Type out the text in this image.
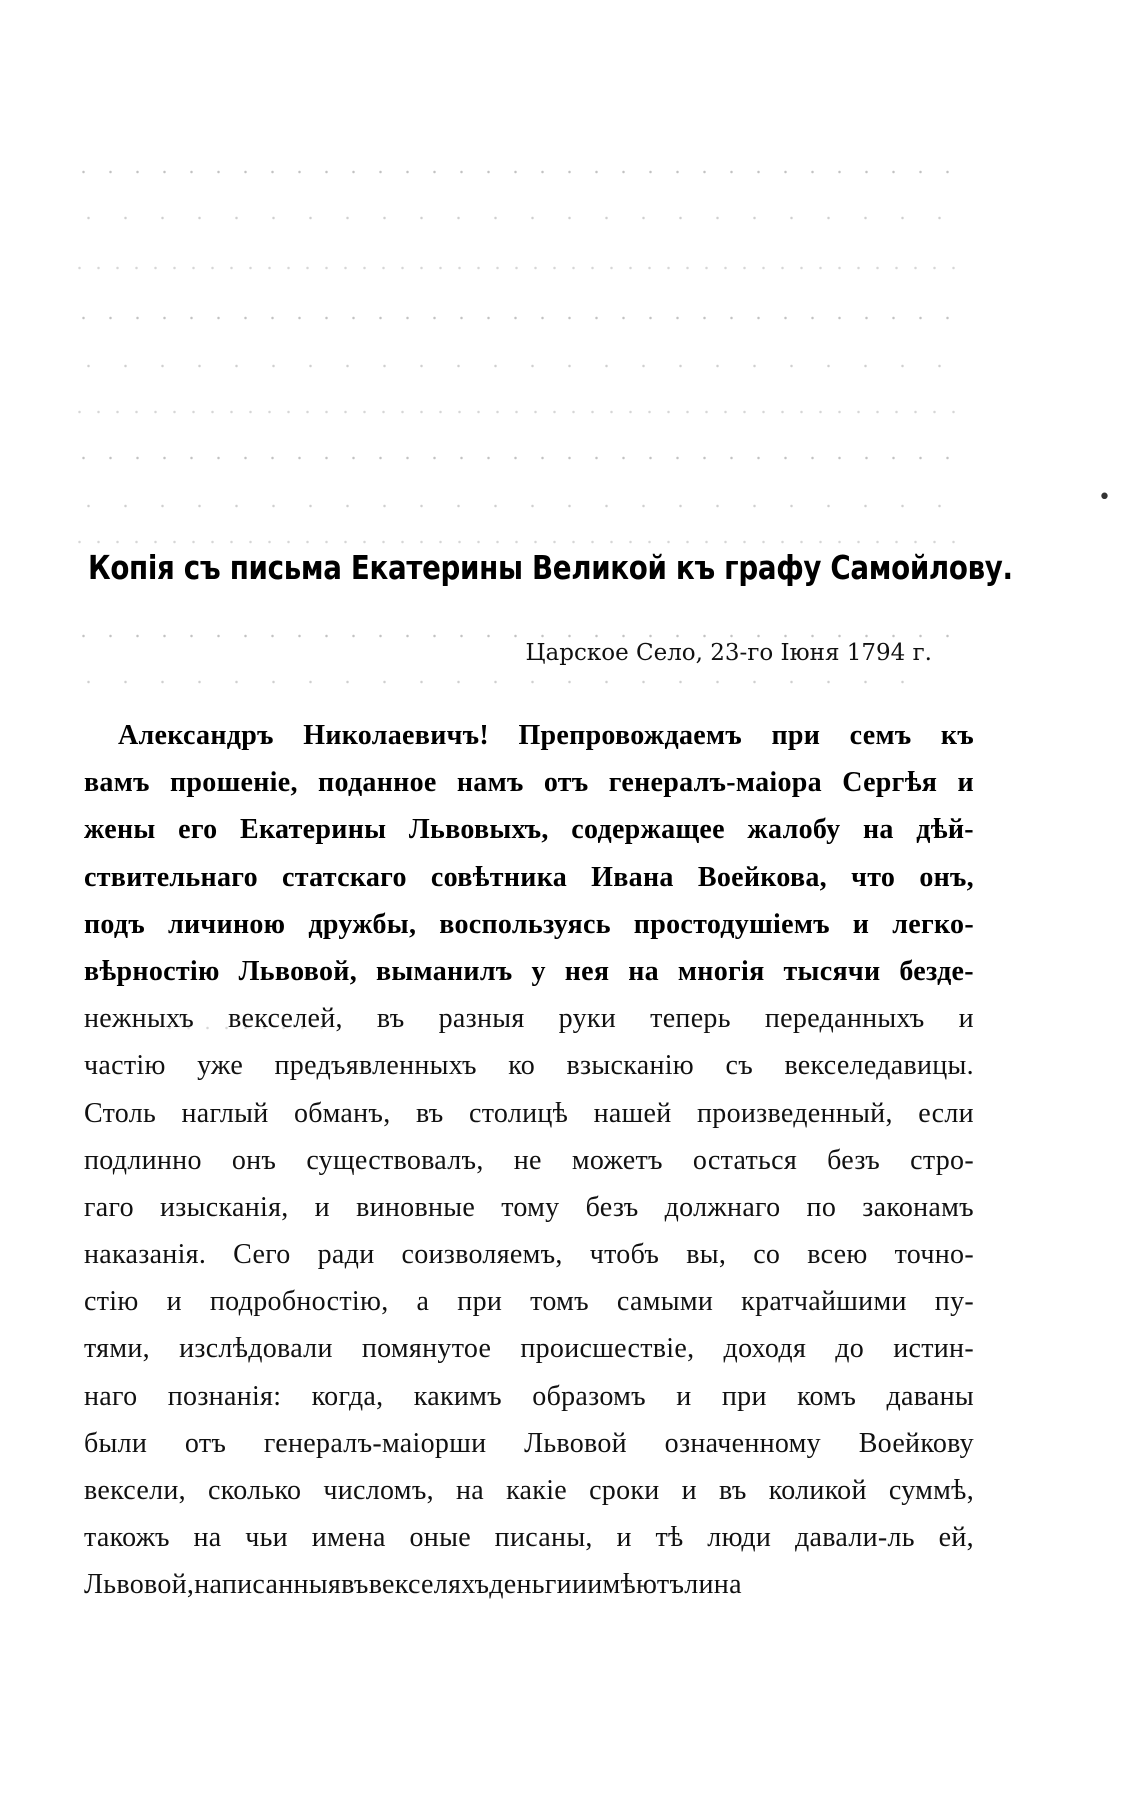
•
Копія съ письма Екатерины Великой къ графу Самойлову.

Царское Село, 23-го Іюня 1794 г.

Александръ Николаевичъ! Препровождаемъ при семъ къ
вамъ прошеніе, поданное намъ отъ генералъ-маіора Сергѣя и
жены его Екатерины Львовыхъ, содержащее жалобу на дѣй-
ствительнаго статскаго совѣтника Ивана Воейкова, что онъ,
подъ личиною дружбы, воспользуясь простодушіемъ и легко-
вѣрностію Львовой, выманилъ у нея на многія тысячи безде-
нежныхъ векселей, въ разныя руки теперь переданныхъ и
частію уже предъявленныхъ ко взысканію съ векселедавицы.
Столь наглый обманъ, въ столицѣ нашей произведенный, если
подлинно онъ существовалъ, не можетъ остаться безъ стро-
гаго изысканія, и виновные тому безъ должнаго по законамъ
наказанія. Сего ради соизволяемъ, чтобъ вы, со всею точно-
стію и подробностію, а при томъ самыми кратчайшими пу-
тями, изслѣдовали помянутое происшествіе, доходя до истин-
наго познанія: когда, какимъ образомъ и при комъ даваны
были отъ генералъ-маіорши Львовой означенному Воейкову
вексели, сколько числомъ, на какіе сроки и въ коликой суммѣ,
такожъ на чьи имена оные писаны, и тѣ люди давали-ль ей,
Львовой, написанныя въ векселяхъ деньги и имѣютъ ли на
